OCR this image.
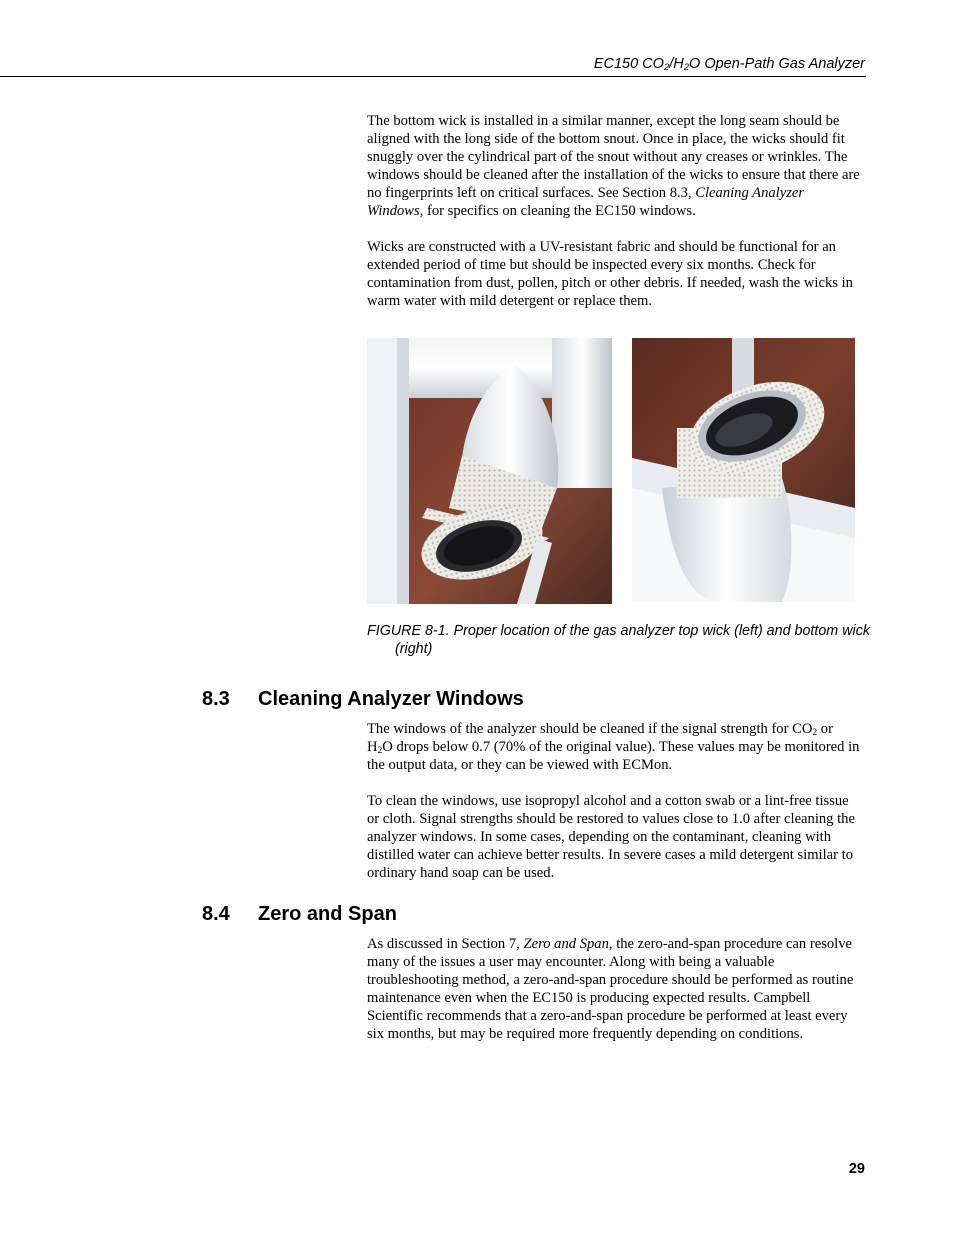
EC150 $CO_2/H_2O$ Open-Path Gas Analyzer

The bottom wick is installed in a similar manner, except the long seam should be aligned with the long side of the bottom snout. Once in place, the wicks should fit snuggly over the cylindrical part of the snout without any creases or wrinkles. The windows should be cleaned after the installation of the wicks to ensure that there are no fingerprints left on critical surfaces. See Section 8.3, Cleaning Analyzer Windows, for specifics on cleaning the EC150 windows.

Wicks are constructed with a UV-resistant fabric and should be functional for an extended period of time but should be inspected every six months. Check for contamination from dust, pollen, pitch or other debris. If needed, wash the wicks in warm water with mild detergent or replace them.

FIGURE 8-1. Proper location of the gas analyzer top wick (left) and bottom wick (right)

8.3 Cleaning Analyzer Windows

The windows of the analyzer should be cleaned if the signal strength for $CO_2$ or $H_2O$ drops below 0.7 (70% of the original value). These values may be monitored in the output data, or they can be viewed with ECMon.

To clean the windows, use isopropyl alcohol and a cotton swab or a lint-free tissue or cloth. Signal strengths should be restored to values close to 1.0 after cleaning the analyzer windows. In some cases, depending on the contaminant, cleaning with distilled water can achieve better results. In severe cases a mild detergent similar to ordinary hand soap can be used.

8.4 Zero and Span

As discussed in Section 7, Zero and Span, the zero-and-span procedure can resolve many of the issues a user may encounter. Along with being a valuable troubleshooting method, a zero-and-span procedure should be performed as routine maintenance even when the EC150 is producing expected results. Campbell Scientific recommends that a zero-and-span procedure be performed at least every six months, but may be required more frequently depending on conditions.

29
